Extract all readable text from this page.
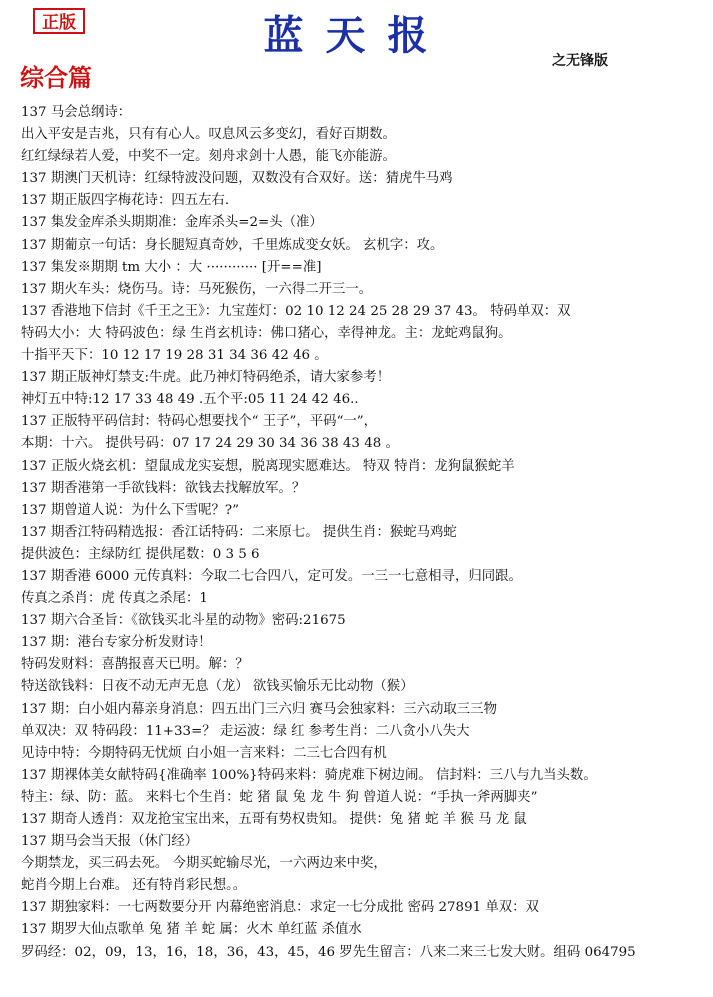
正版	蓝天报
之无锋版
综合篇
137 马会总纲诗：
出入平安是吉兆，只有有心人。叹息风云多变幻，看好百期数。
红红绿绿若人爱，中奖不一定。刻舟求剑十人愚，能飞亦能游。
137 期澳门天机诗：红绿特波没问题，双数没有合双好。送：猜虎牛马鸡
137 期正版四字梅花诗：四五左右.
137 集发金库杀头期期准：金库杀头=2=头（准）
137 期葡京一句话：身长腿短真奇妙，千里炼成变女妖。 玄机字：攻。
137 集发※期期 tm 大小 ：大 ············ [开==准]
137 期火车头：烧伤马。诗：马死猴伤，一六得二开三一。
137 香港地下信封《千王之王》：九宝莲灯：02 10 12 24 25 28 29 37 43。 特码单双：双
特码大小：大 特码波色：绿 生肖玄机诗：佛口猪心，幸得神龙。主：龙蛇鸡鼠狗。
十指平天下：10 12 17 19 28 31 34 36 42 46 。
137 期正版神灯禁支:牛虎。此乃神灯特码绝杀，请大家参考！
神灯五中特:12 17 33 48 49 .五个平:05 11 24 42 46..
137 正版特平码信封：特码心想要找个“ 王子”，平码“一”，
本期：十六。 提供号码：07 17 24 29 30 34 36 38 43 48 。
137 正版火烧玄机：望鼠成龙实妄想，脱离现实愿难达。 特双 特肖：龙狗鼠猴蛇羊
137 期香港第一手欲钱料：欲钱去找解放军。？
137 期曾道人说：为什么下雪呢？?”
137 期香江特码精选报：香江话特码：二来原七。 提供生肖：猴蛇马鸡蛇
提供波色：主绿防红 提供尾数：0 3 5 6
137 期香港 6000 元传真料：今取二七合四八，定可发。一三一七意相寻，归同跟。
传真之杀肖：虎 传真之杀尾：1
137 期六合圣旨：《欲钱买北斗星的动物》密码:21675
137 期：港台专家分析发财诗！
特码发财料：喜鹊报喜天已明。解：？
特送欲钱料：日夜不动无声无息（龙） 欲钱买愉乐无比动物（猴）
137 期：白小姐内幕亲身消息：四五出门三六归 赛马会独家料：三六动取三三物
单双决：双 特码段：11+33=？ 走运波：绿 红 参考生肖：二八贪小八失大
见诗中特：今期特码无忧烦 白小姐一言来料：二三七合四有机
137 期裸体美女献特码{准确率 100%}特码来料：骑虎难下树边闹。 信封料：三八与九当头数。
特主：绿、防：蓝。 来料七个生肖：蛇 猪 鼠 兔 龙 牛 狗 曾道人说：“手执一斧两脚夹”
137 期奇人透肖：双龙抢宝宝出来，五哥有势权贵知。 提供：兔 猪 蛇 羊 猴 马 龙 鼠
137 期马会当天报（休门经）
今期禁龙，买三码去死。 今期买蛇输尽光，一六两边来中奖，
蛇肖今期上台难。 还有特肖彩民想。。
137 期独家料：一七两数要分开 内幕绝密消息：求定一七分成批 密码 27891 单双：双
137 期罗大仙点歌单 兔 猪 羊 蛇 属：火木 单红蓝 杀值水
罗码经：02，09，13，16，18，36，43，45，46 罗先生留言：八来二来三七发大财。组码 064795
